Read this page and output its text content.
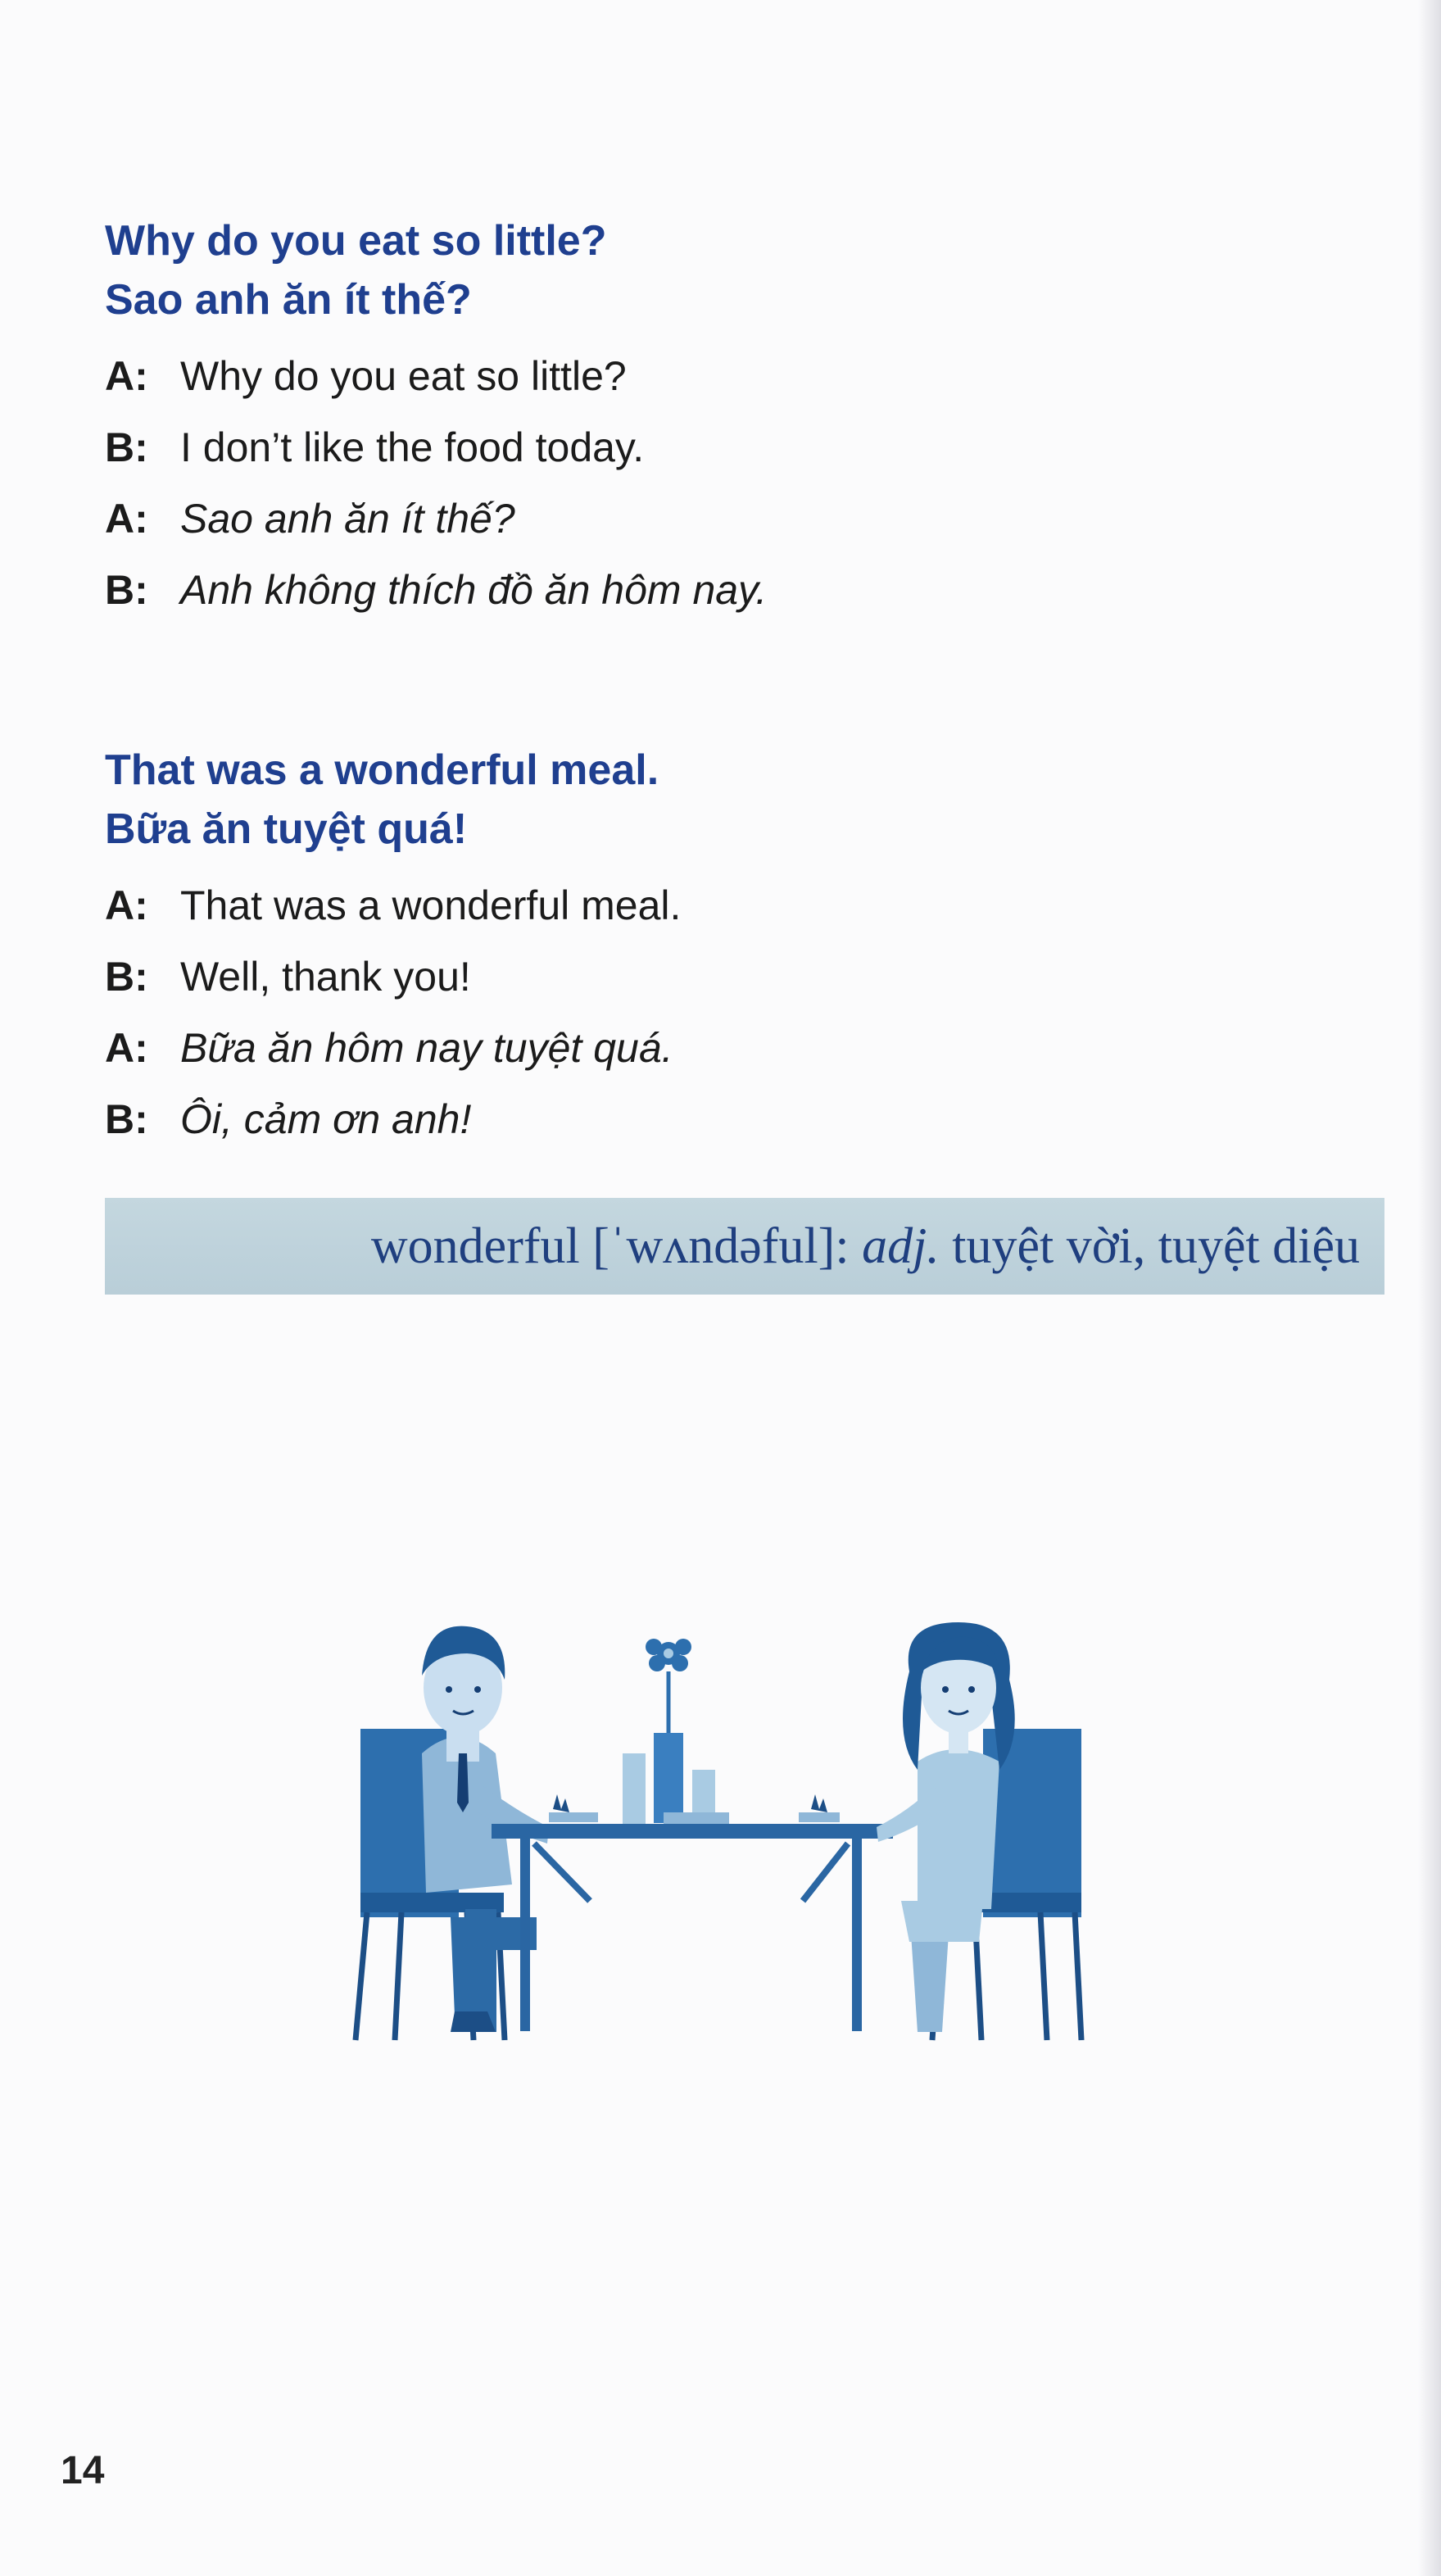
Why do you eat so little?

Sao anh ăn ít thế?

A: Why do you eat so little?
B: I don’t like the food today.
A: Sao anh ăn ít thế?
B: Anh không thích đồ ăn hôm nay.

That was a wonderful meal.

Bữa ăn tuyệt quá!

A: That was a wonderful meal.
B: Well, thank you!
A: Bữa ăn hôm nay tuyệt quá.
B: Ôi, cảm ơn anh!
wonderful [ˈwʌndəful]: adj. tuyệt vời, tuyệt diệu
14
